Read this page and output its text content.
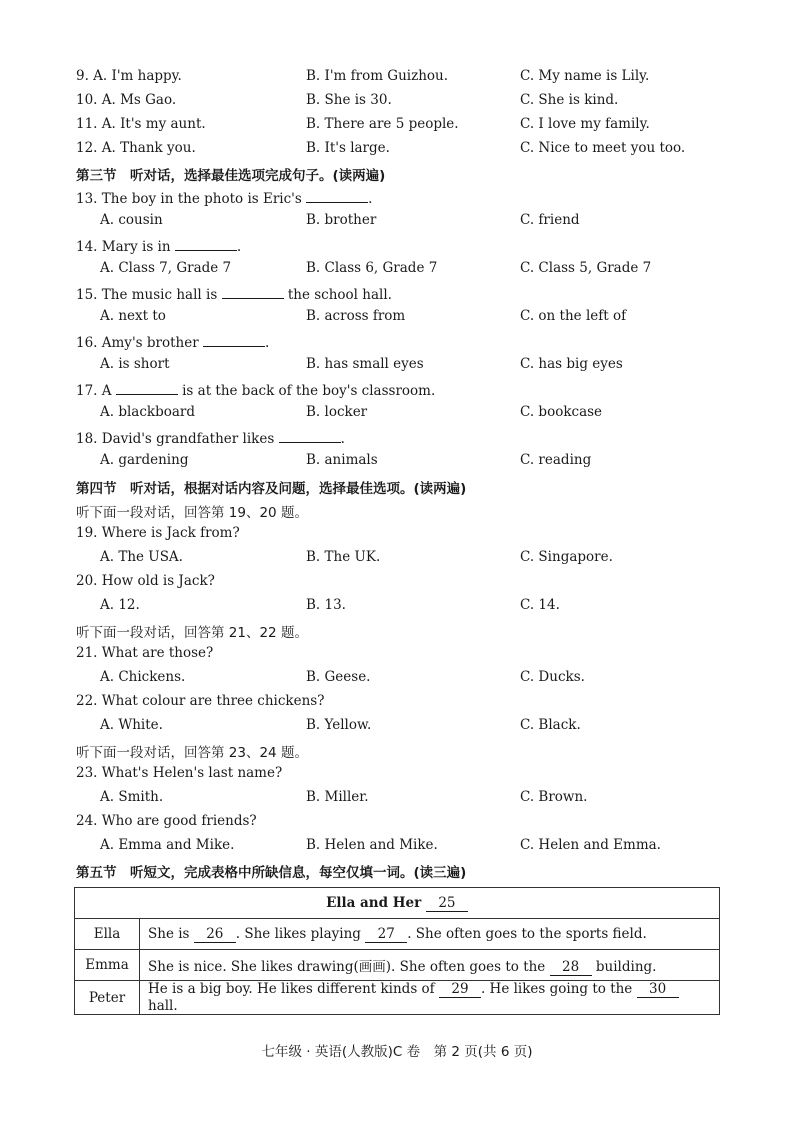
9. A. I'm happy.	B. I'm from Guizhou.	C. My name is Lily.
10. A. Ms Gao.	B. She is 30.	C. She is kind.
11. A. It's my aunt.	B. There are 5 people.	C. I love my family.
12. A. Thank you.	B. It's large.	C. Nice to meet you too.
第三节　听对话，选择最佳选项完成句子。(读两遍)
13. The boy in the photo is Eric's	.
A. cousin	B. brother	C. friend
14. Mary is in	.
A. Class 7, Grade 7	B. Class 6, Grade 7	C. Class 5, Grade 7
15. The music hall is	the school hall.
A. next to	B. across from	C. on the left of
16. Amy's brother	.
A. is short	B. has small eyes	C. has big eyes
17. A	is at the back of the boy's classroom.
A. blackboard	B. locker	C. bookcase
18. David's grandfather likes	.
A. gardening	B. animals	C. reading
第四节　听对话，根据对话内容及问题，选择最佳选项。(读两遍)
听下面一段对话，回答第 19、20 题。
19. Where is Jack from?
A. The USA.	B. The UK.	C. Singapore.
20. How old is Jack?
A. 12.	B. 13.	C. 14.
听下面一段对话，回答第 21、22 题。
21. What are those?
A. Chickens.	B. Geese.	C. Ducks.
22. What colour are three chickens?
A. White.	B. Yellow.	C. Black.
听下面一段对话，回答第 23、24 题。
23. What's Helen's last name?
A. Smith.	B. Miller.	C. Brown.
24. Who are good friends?
A. Emma and Mike.	B. Helen and Mike.	C. Helen and Emma.
第五节　听短文，完成表格中所缺信息，每空仅填一词。(读三遍)
Ella and Her 25	
Ella	She is 26 . She likes playing 27 . She often goes to the sports field.
Emma	She is nice. She likes drawing(画画). She often goes to the 28 building.
Peter	He is a big boy. He likes different kinds of 29 . He likes going to the 30 hall.
七年级 · 英语(人教版)C 卷　第 2 页(共 6 页)
